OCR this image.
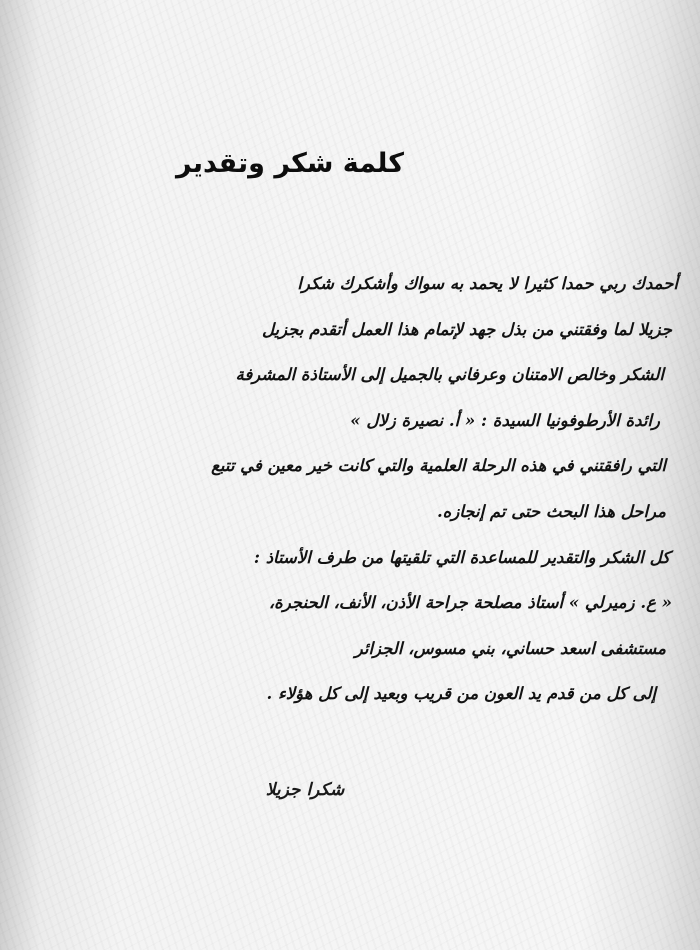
كلمة شكر وتقدير
أحمدك ربي حمدا كثيرا لا يحمد به سواك وأشكرك شكرا
جزيلا لما وفقتني من بذل جهد لإتمام هذا العمل أتقدم بجزيل
الشكر وخالص الامتنان وعرفاني بالجميل إلى الأستاذة المشرفة
رائدة الأرطوفونيا السيدة : « أ. نصيرة زلال »
التي رافقتني في هذه الرحلة العلمية والتي كانت خير معين في تتبع
مراحل هذا البحث حتى تم إنجازه.
كل الشكر والتقدير للمساعدة التي تلقيتها من طرف الأستاذ :
« ع. زميرلي » أستاذ مصلحة جراحة الأذن، الأنف، الحنجرة،
مستشفى اسعد حساني، بني مسوس، الجزائر
إلى كل من قدم يد العون من قريب وبعيد إلى كل هؤلاء .
شكرا جزيلا
